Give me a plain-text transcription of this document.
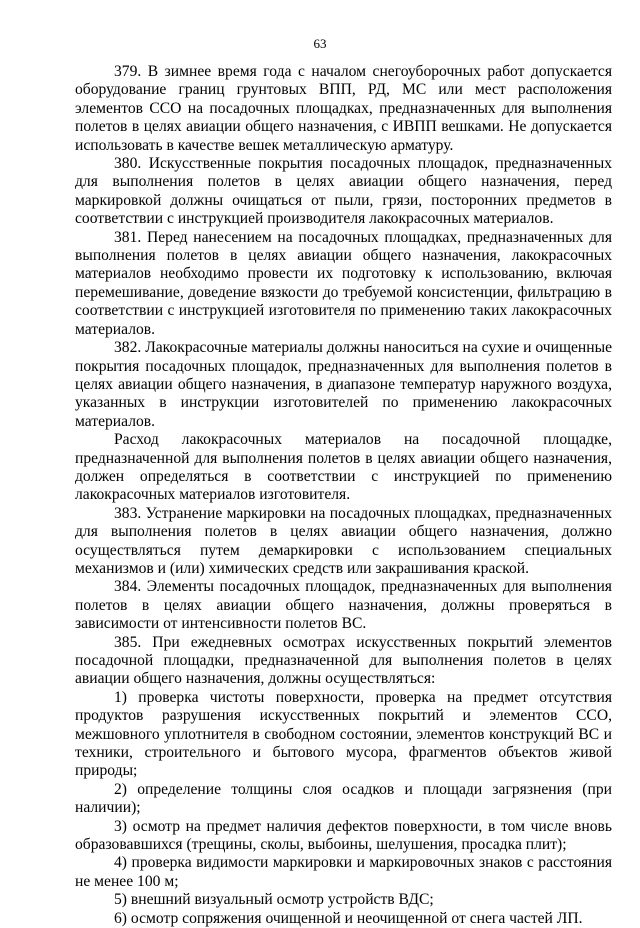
63

379. В зимнее время года с началом снегоуборочных работ допускается оборудование границ грунтовых ВПП, РД, МС или мест расположения элементов ССО на посадочных площадках, предназначенных для выполнения полетов в целях авиации общего назначения, с ИВПП вешками. Не допускается использовать в качестве вешек металлическую арматуру.

380. Искусственные покрытия посадочных площадок, предназначенных для выполнения полетов в целях авиации общего назначения, перед маркировкой должны очищаться от пыли, грязи, посторонних предметов в соответствии с инструкцией производителя лакокрасочных материалов.

381. Перед нанесением на посадочных площадках, предназначенных для выполнения полетов в целях авиации общего назначения, лакокрасочных материалов необходимо провести их подготовку к использованию, включая перемешивание, доведение вязкости до требуемой консистенции, фильтрацию в соответствии с инструкцией изготовителя по применению таких лакокрасочных материалов.

382. Лакокрасочные материалы должны наноситься на сухие и очищенные покрытия посадочных площадок, предназначенных для выполнения полетов в целях авиации общего назначения, в диапазоне температур наружного воздуха, указанных в инструкции изготовителей по применению лакокрасочных материалов.

Расход лакокрасочных материалов на посадочной площадке, предназначенной для выполнения полетов в целях авиации общего назначения, должен определяться в соответствии с инструкцией по применению лакокрасочных материалов изготовителя.

383. Устранение маркировки на посадочных площадках, предназначенных для выполнения полетов в целях авиации общего назначения, должно осуществляться путем демаркировки с использованием специальных механизмов и (или) химических средств или закрашивания краской.

384. Элементы посадочных площадок, предназначенных для выполнения полетов в целях авиации общего назначения, должны проверяться в зависимости от интенсивности полетов ВС.

385. При ежедневных осмотрах искусственных покрытий элементов посадочной площадки, предназначенной для выполнения полетов в целях авиации общего назначения, должны осуществляться:

1) проверка чистоты поверхности, проверка на предмет отсутствия продуктов разрушения искусственных покрытий и элементов ССО, межшовного уплотнителя в свободном состоянии, элементов конструкций ВС и техники, строительного и бытового мусора, фрагментов объектов живой природы;

2) определение толщины слоя осадков и площади загрязнения (при наличии);

3) осмотр на предмет наличия дефектов поверхности, в том числе вновь образовавшихся (трещины, сколы, выбоины, шелушения, просадка плит);

4) проверка видимости маркировки и маркировочных знаков с расстояния не менее 100 м;

5) внешний визуальный осмотр устройств ВДС;

6) осмотр сопряжения очищенной и неочищенной от снега частей ЛП.
